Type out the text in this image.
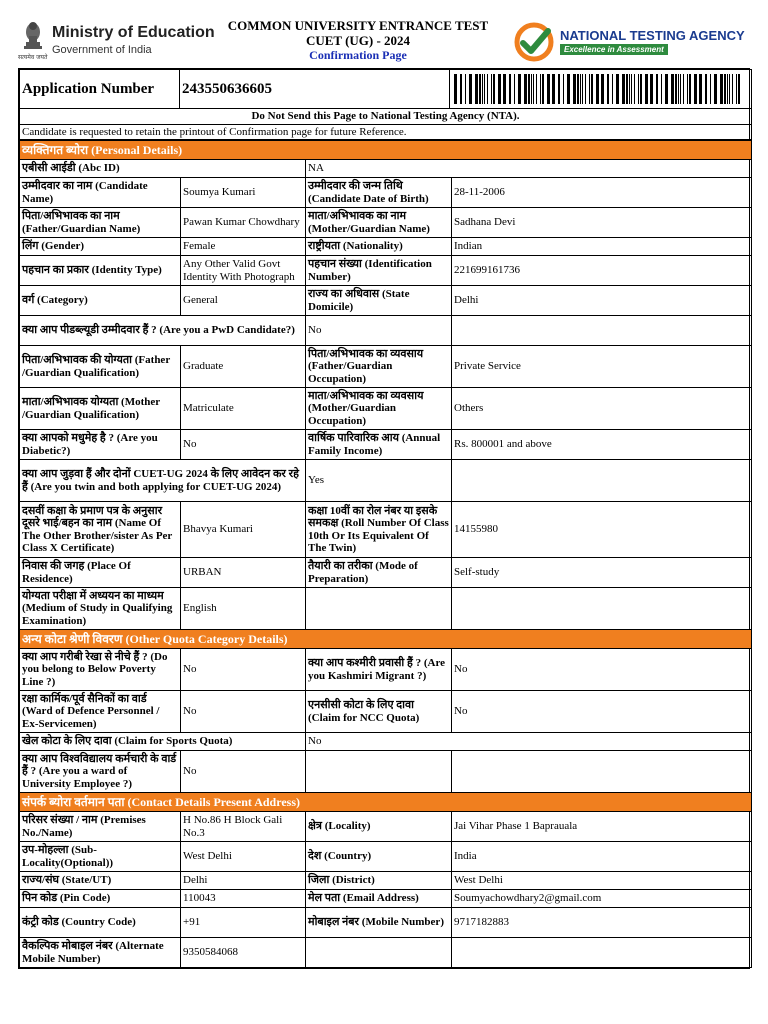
सत्यमेव जयते
Ministry of Education
Government of India
COMMON UNIVERSITY ENTRANCE TEST
CUET (UG) - 2024
Confirmation Page
NATIONAL TESTING AGENCY
Excellence in Assessment
Application Number	243550636605	

Do Not Send this Page to National Testing Agency (NTA).
Candidate is requested to retain the printout of Confirmation page for future Reference.
व्यक्तिगत ब्योरा (Personal Details)			
एबीसी आईडी (Abc ID)		NA	
उम्मीदवार का नाम (Candidate Name)	Soumya Kumari	उम्मीदवार की जन्म तिथि (Candidate Date of Birth)	28-11-2006
पिता/अभिभावक का नाम (Father/Guardian Name)	Pawan Kumar Chowdhary	माता/अभिभावक का नाम (Mother/Guardian Name)	Sadhana Devi
लिंग (Gender)	Female	राष्ट्रीयता (Nationality)	Indian
पहचान का प्रकार (Identity Type)	Any Other Valid Govt Identity With Photograph	पहचान संख्या (Identification Number)	221699161736
वर्ग (Category)	General	राज्य का अधिवास (State Domicile)	Delhi
क्या आप पीडब्ल्यूडी उम्मीदवार हैं ? (Are you a PwD Candidate?)		No	
पिता/अभिभावक की योग्यता (Father /Guardian Qualification)	Graduate	पिता/अभिभावक का व्यवसाय (Father/Guardian Occupation)	Private Service
माता/अभिभावक योग्यता (Mother /Guardian Qualification)	Matriculate	माता/अभिभावक का व्यवसाय (Mother/Guardian Occupation)	Others
क्या आपको मधुमेह है ? (Are you Diabetic?)	No	वार्षिक पारिवारिक आय (Annual Family Income)	Rs. 800001 and above
क्या आप जुड़वा हैं और दोनों CUET-UG 2024 के लिए आवेदन कर रहे हैं (Are you twin and both applying for CUET-UG 2024)		Yes	
दसवीं कक्षा के प्रमाण पत्र के अनुसार दूसरे भाई/बहन का नाम (Name Of The Other Brother/sister As Per Class X Certificate)	Bhavya Kumari	कक्षा 10वीं का रोल नंबर या इसके समकक्ष (Roll Number Of Class 10th Or Its Equivalent Of The Twin)	14155980
निवास की जगह (Place Of Residence)	URBAN	तैयारी का तरीका (Mode of Preparation)	Self-study
योग्यता परीक्षा में अध्ययन का माध्यम (Medium of Study in Qualifying Examination)	English		
अन्य कोटा श्रेणी विवरण (Other Quota Category Details)			
क्या आप गरीबी रेखा से नीचे हैं ? (Do you belong to Below Poverty Line ?)	No	क्या आप कश्मीरी प्रवासी हैं ? (Are you Kashmiri Migrant ?)	No
रक्षा कार्मिक/पूर्व सैनिकों का वार्ड (Ward of Defence Personnel / Ex-Servicemen)	No	एनसीसी कोटा के लिए दावा (Claim for NCC Quota)	No
खेल कोटा के लिए दावा (Claim for Sports Quota)		No	
क्या आप विश्वविद्यालय कर्मचारी के वार्ड हैं ? (Are you a ward of University Employee ?)	No		
संपर्क ब्योरा वर्तमान पता (Contact Details Present Address)			
परिसर संख्या / नाम (Premises No./Name)	H No.86 H Block Gali No.3	क्षेत्र (Locality)	Jai Vihar Phase 1 Baprauala
उप-मोहल्ला (Sub-Locality(Optional))	West Delhi	देश (Country)	India
राज्य/संघ (State/UT)	Delhi	जिला (District)	West Delhi
पिन कोड (Pin Code)	110043	मेल पता (Email Address)	Soumyachowdhary2@gmail.com
कंट्री कोड (Country Code)	+91	मोबाइल नंबर (Mobile Number)	9717182883
वैकल्पिक मोबाइल नंबर (Alternate Mobile Number)	9350584068		
